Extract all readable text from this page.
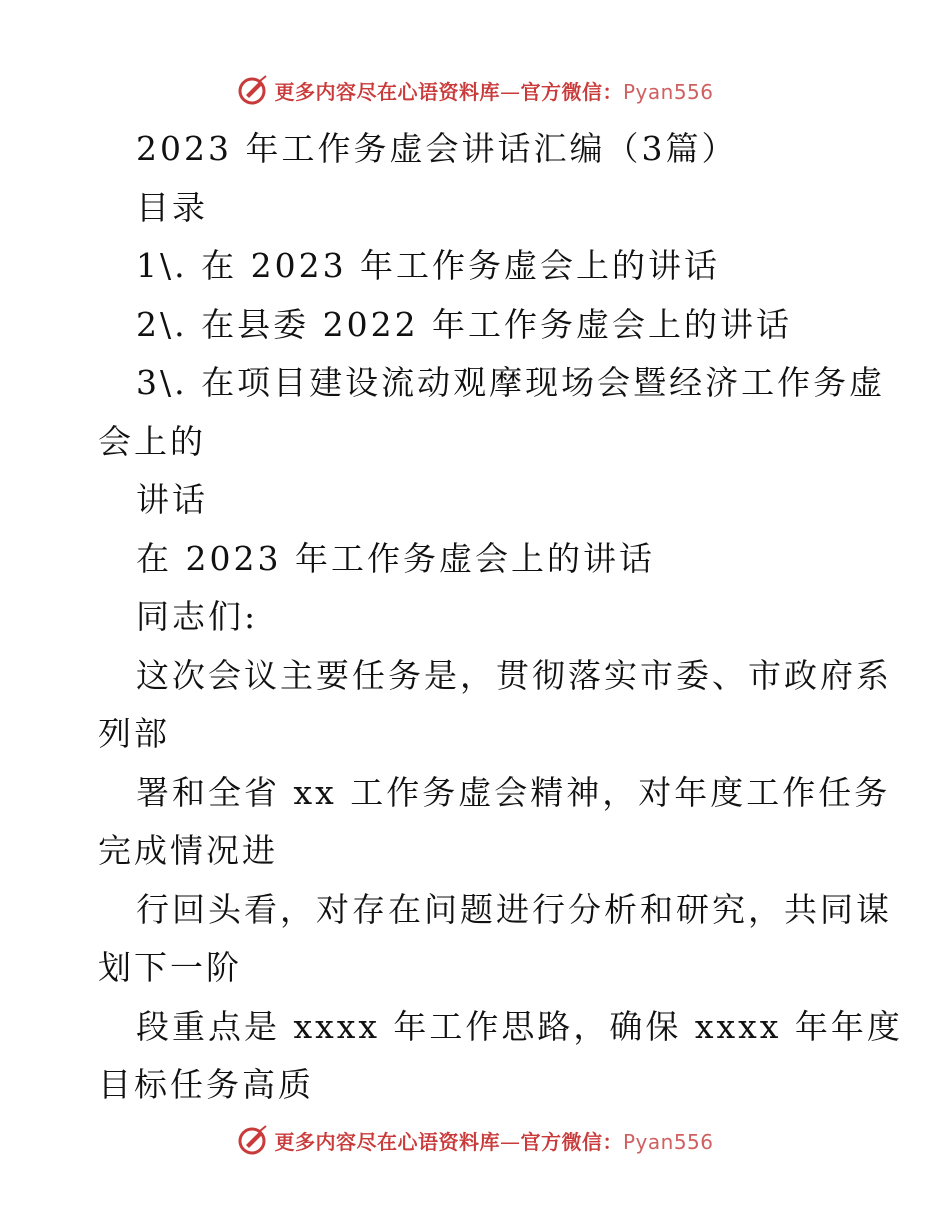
更多内容尽在心语资料库—官方微信：Pyan556
2023 年工作务虚会讲话汇编（3篇）
目录
1\. 在 2023 年工作务虚会上的讲话
2\. 在县委 2022 年工作务虚会上的讲话
3\. 在项目建设流动观摩现场会暨经济工作务虚
会上的
讲话
在 2023 年工作务虚会上的讲话
同志们:
这次会议主要任务是，贯彻落实市委、市政府系
列部
署和全省 xx 工作务虚会精神，对年度工作任务
完成情况进
行回头看，对存在问题进行分析和研究，共同谋
划下一阶
段重点是 xxxx 年工作思路，确保 xxxx 年年度
目标任务高质
更多内容尽在心语资料库—官方微信：Pyan556
